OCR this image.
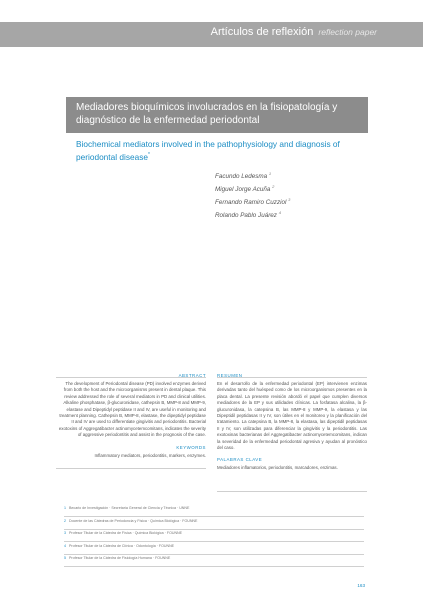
Artículos de reflexión reflection paper
Mediadores bioquímicos involucrados en la fisiopatología y diagnóstico de la enfermedad periodontal
Biochemical mediators involved in the pathophysiology and diagnosis of periodontal disease*
Facundo Ledesma $^1$
Miguel Jorge Acuña $^2$
Fernando Ramiro Cuzziol $^3$
Rolando Pablo Juárez $^4$
ABSTRACT
The development of Periodontal disease (PD) involved enzymes derived from both the host and the microorganisms present in dental plaque. This review addressed the role of several mediators in PD and clinical utilities. Alkaline phosphatase, β-glucuronidase, cathepsin B, MMP-8 and MMP-9, elastase and Dipeptidyl peptidase II and IV, are useful in monitoring and treatment planning. Cathepsin B, MMP-8, elastase, the dipeptidyl peptidase II and IV are used to differentiate gingivitis and periodontitis. Bacterial exotoxins of Aggregatibacter actinomycetemcomitans, indicates the severity of aggressive periodontitis and assist in the prognosis of the case.
KEYWORDS
Inflammatory mediators, periodontitis, markers, enzymes.
RESUMEN
En el desarrollo de la enfermedad periodontal (EP) intervienen enzimas derivadas tanto del huésped como de los microorganismos presentes en la placa dental. La presente revisión abordó el papel que cumplen diversos mediadores de la EP y sus utilidades clínicas. La fosfatasa alcalina, la β-glucuronidasa, la catepsina B, las MMP-8 y MMP-9, la elastasa y las Dipeptidil peptidasas II y IV, son útiles en el monitoreo y la planificación del tratamiento. La catepsina B, la MMP-8, la elastasa, las dipeptidil peptidasas II y IV, son utilizadas para diferenciar la gingivitis y la periodontitis. Las exotoxinas bacterianas del Aggregatibacter actinomycetemcomitans, indican la severidad de la enfermedad periodontal agresiva y ayudan al pronóstico del caso.
PALABRAS CLAVE
Mediadores inflamatorios, periodontitis, marcadores, enzimas.
1 Becario de Investigación · Secretaría General de Ciencia y Técnica · UNNE
2 Docente de las Cátedras de Periodoncia y Física · Química Biológica · FOUNNE
3 Profesor Titular de la Cátedra de Física · Química Biológica · FOUNNE
4 Profesor Titular de la Cátedra de Clínica · Odontología · FOUNNE
5 Profesor Titular de la Cátedra de Fisiología Humana · FOUNNE
163
